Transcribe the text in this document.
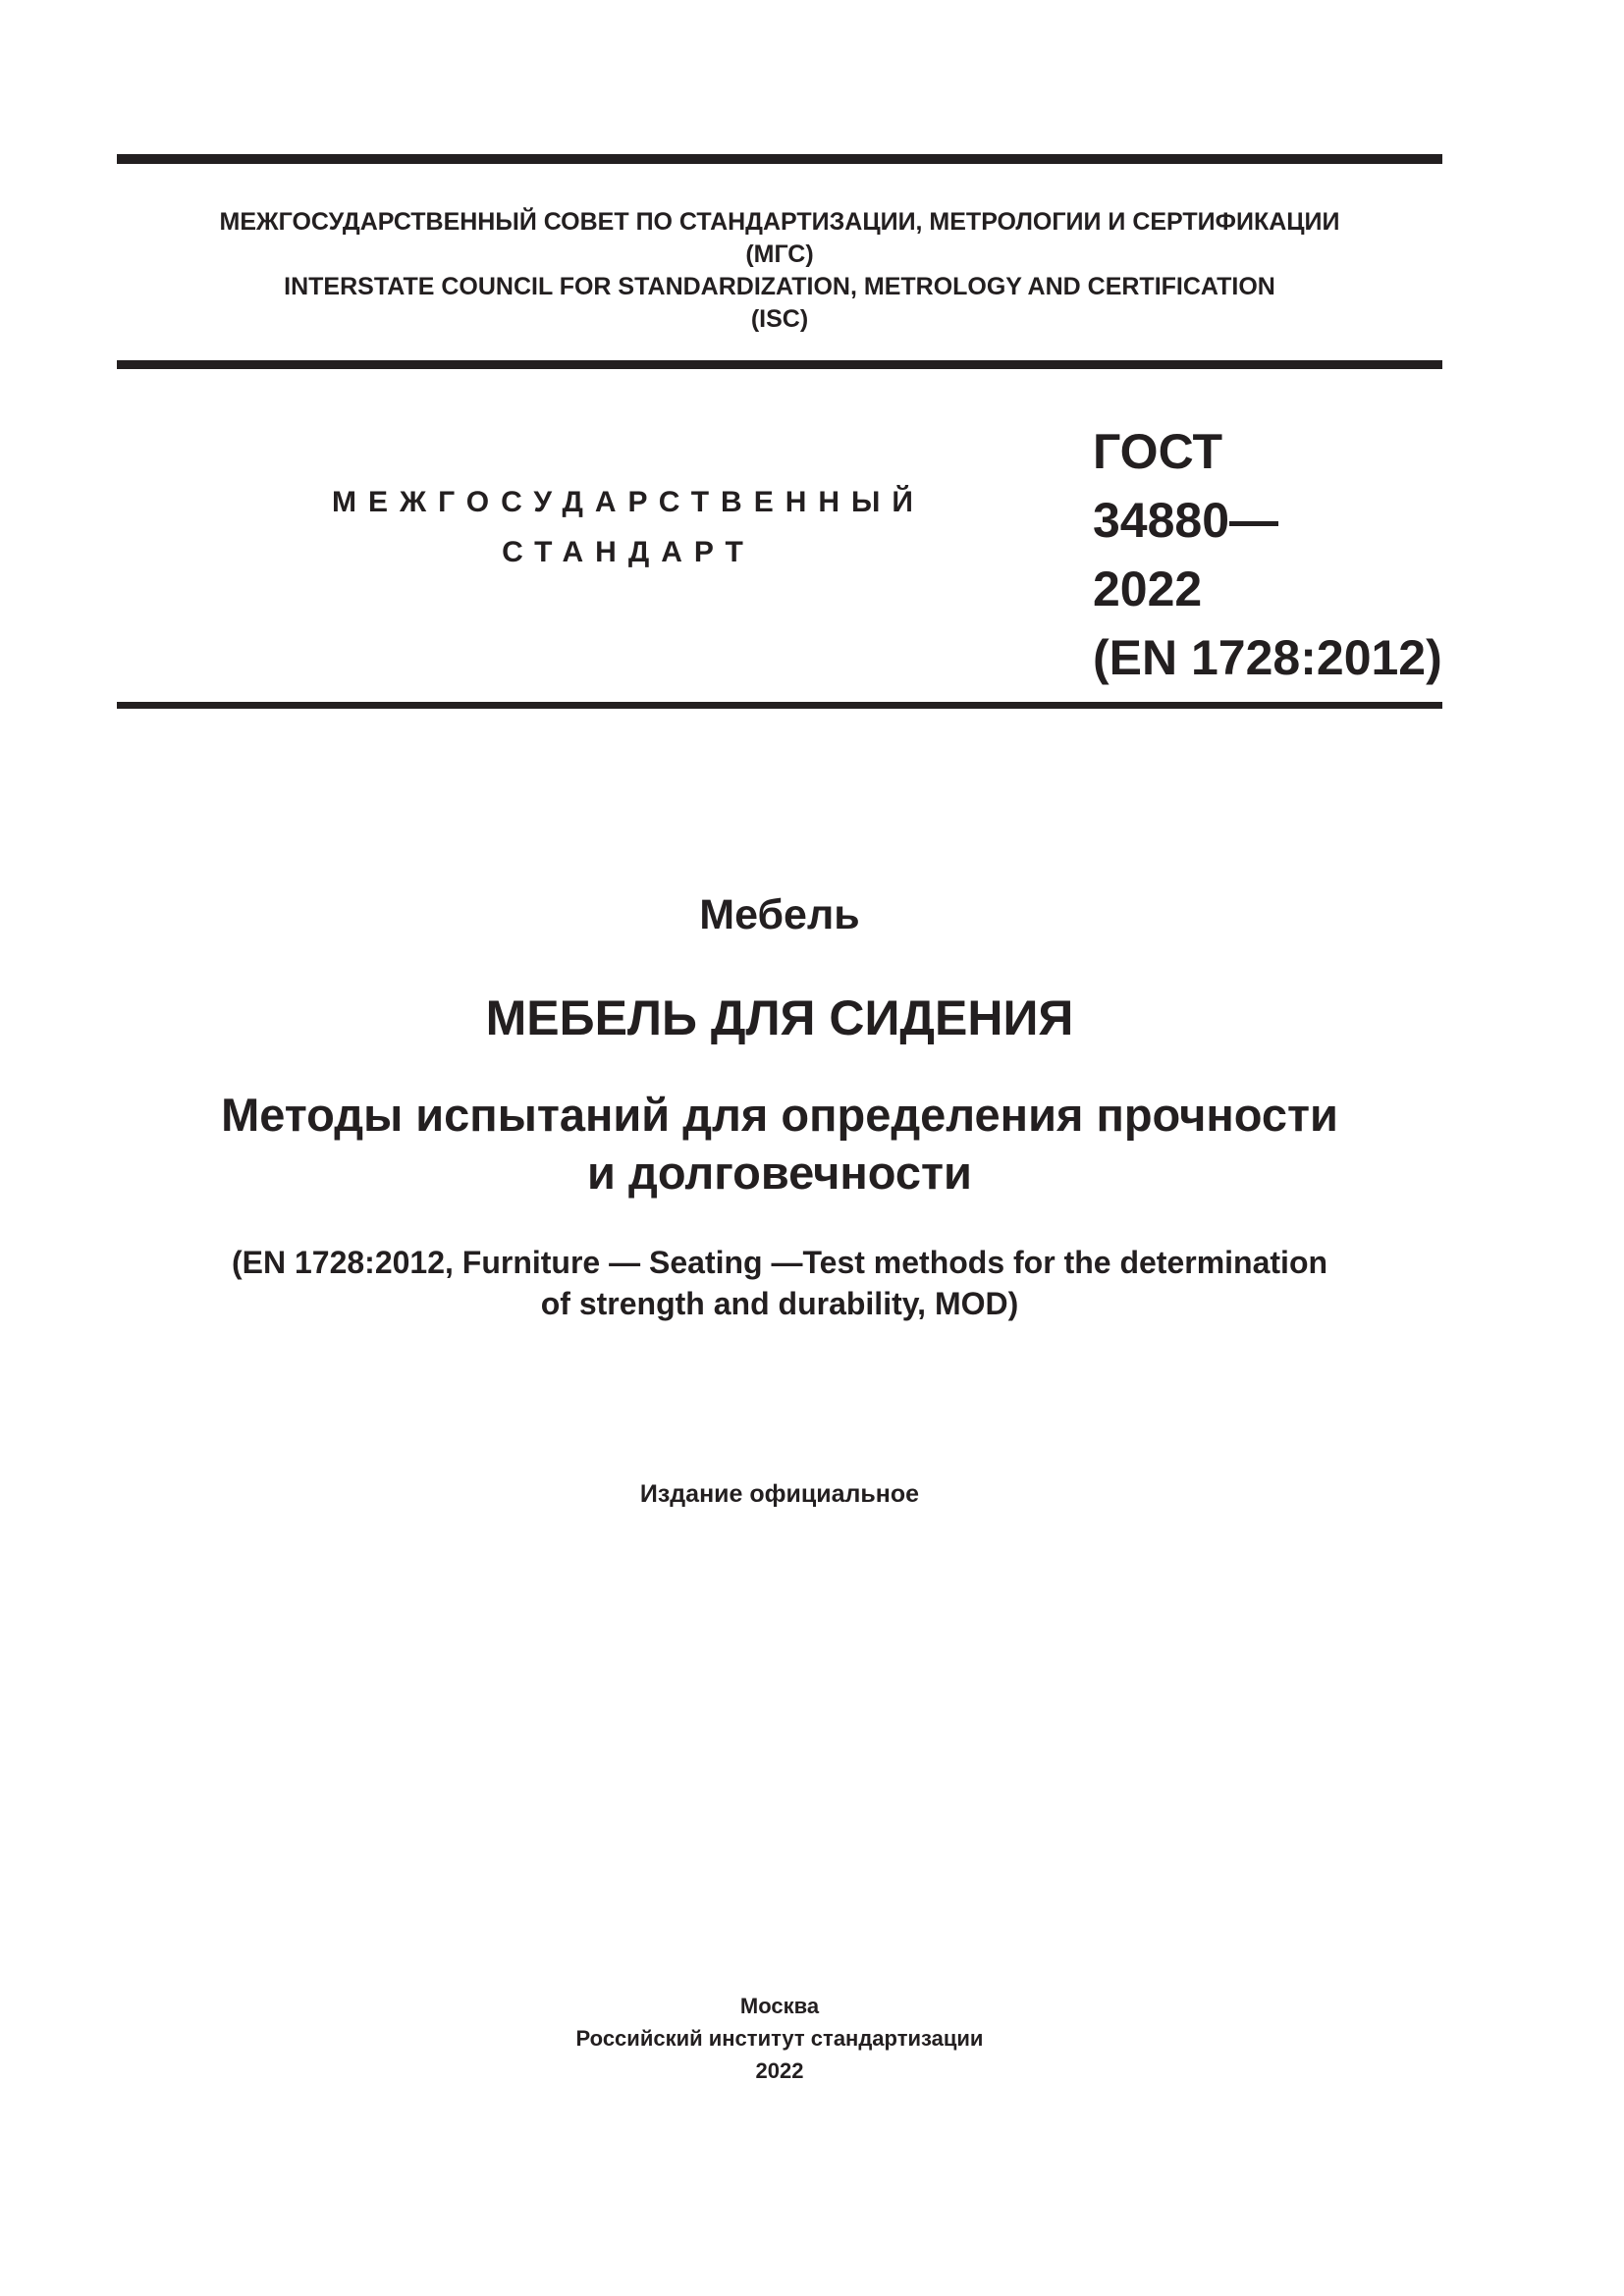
МЕЖГОСУДАРСТВЕННЫЙ СОВЕТ ПО СТАНДАРТИЗАЦИИ, МЕТРОЛОГИИ И СЕРТИФИКАЦИИ
(МГС)
INTERSTATE COUNCIL FOR STANDARDIZATION, METROLOGY AND CERTIFICATION
(ISC)
МЕЖГОСУДАРСТВЕННЫЙ
СТАНДАРТ
ГОСТ
34880—
2022
(EN 1728:2012)
Мебель
МЕБЕЛЬ ДЛЯ СИДЕНИЯ
Методы испытаний для определения прочности
и долговечности
(EN 1728:2012, Furniture — Seating —Test methods for the determination
of strength and durability, MOD)
Издание официальное
Москва
Российский институт стандартизации
2022
